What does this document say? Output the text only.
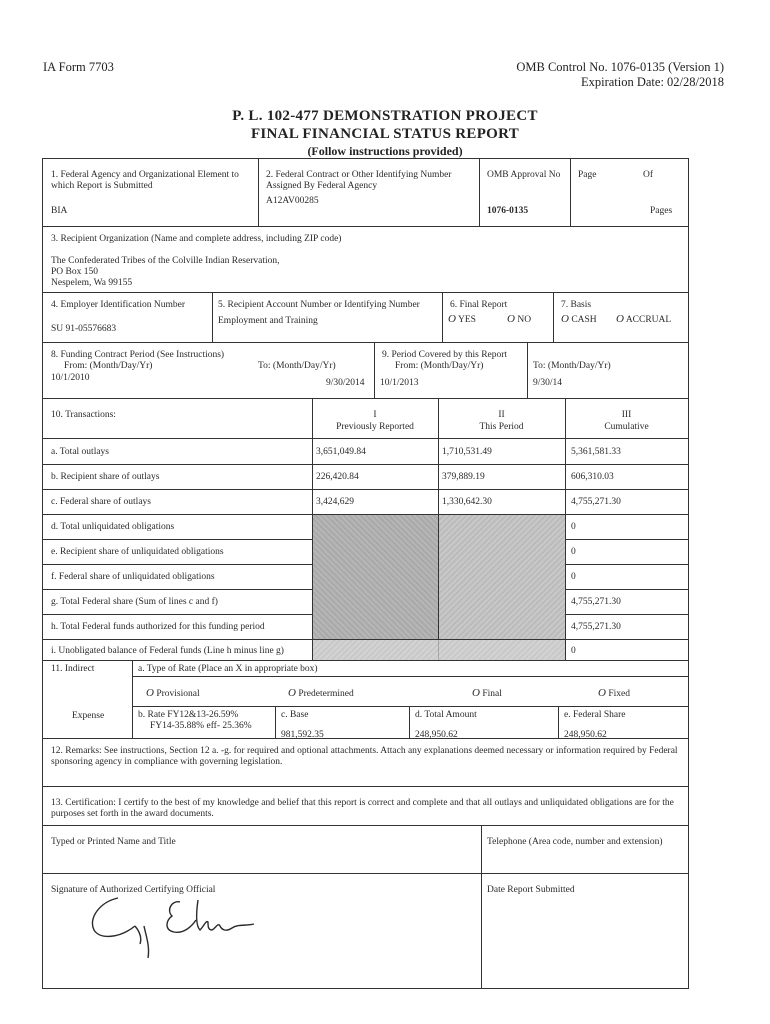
IA Form 7703	OMB Control No. 1076-0135 (Version 1)
Expiration Date: 02/28/2018
P. L. 102-477 DEMONSTRATION PROJECT
FINAL FINANCIAL STATUS REPORT
(Follow instructions provided)
1. Federal Agency and Organizational Element to which Report is Submitted
BIA
2. Federal Contract or Other Identifying Number Assigned By Federal Agency
A12AV00285
OMB Approval No
1076-0135
Page	Of
Pages
3. Recipient Organization (Name and complete address, including ZIP code)
The Confederated Tribes of the Colville Indian Reservation,
PO Box 150
Nespelem, Wa 99155
4. Employer Identification Number
SU 91-05576683
5. Recipient Account Number or Identifying Number
Employment and Training
6. Final Report
O YES	O NO
7. Basis
O CASH O ACCRUAL
8. Funding Contract Period (See Instructions)
From: (Month/Day/Yr)
10/1/2010
To: (Month/Day/Yr)
9/30/2014
9. Period Covered by this Report
From: (Month/Day/Yr)
10/1/2013
To: (Month/Day/Yr)
9/30/14
10. Transactions:	I
Previously Reported
II
This Period
III
Cumulative
a. Total outlays	3,651,049.84	1,710,531.49	5,361,581.33
b. Recipient share of outlays	226,420.84	379,889.19	606,310.03
c. Federal share of outlays	3,424,629	1,330,642.30	4,755,271.30
d. Total unliquidated obligations	0
e. Recipient share of unliquidated obligations	0
f. Federal share of unliquidated obligations	0
g. Total Federal share (Sum of lines c and f)	4,755,271.30
h. Total Federal funds authorized for this funding period	4,755,271.30
i. Unobligated balance of Federal funds (Line h minus line g)	0
11. Indirect	a. Type of Rate (Place an X in appropriate box)
O Provisional	O Predetermined	O Final	O Fixed
Expense	b. Rate FY12&13-26.59%
FY14-35.88% eff- 25.36%
c. Base
981,592.35
d. Total Amount
248,950.62
e. Federal Share
248,950.62
12. Remarks: See instructions, Section 12 a. -g. for required and optional attachments. Attach any explanations deemed necessary or information required by Federal sponsoring agency in compliance with governing legislation.
13. Certification: I certify to the best of my knowledge and belief that this report is correct and complete and that all outlays and unliquidated obligations are for the purposes set forth in the award documents.
Typed or Printed Name and Title	Telephone (Area code, number and extension)
Signature of Authorized Certifying Official	Date Report Submitted
